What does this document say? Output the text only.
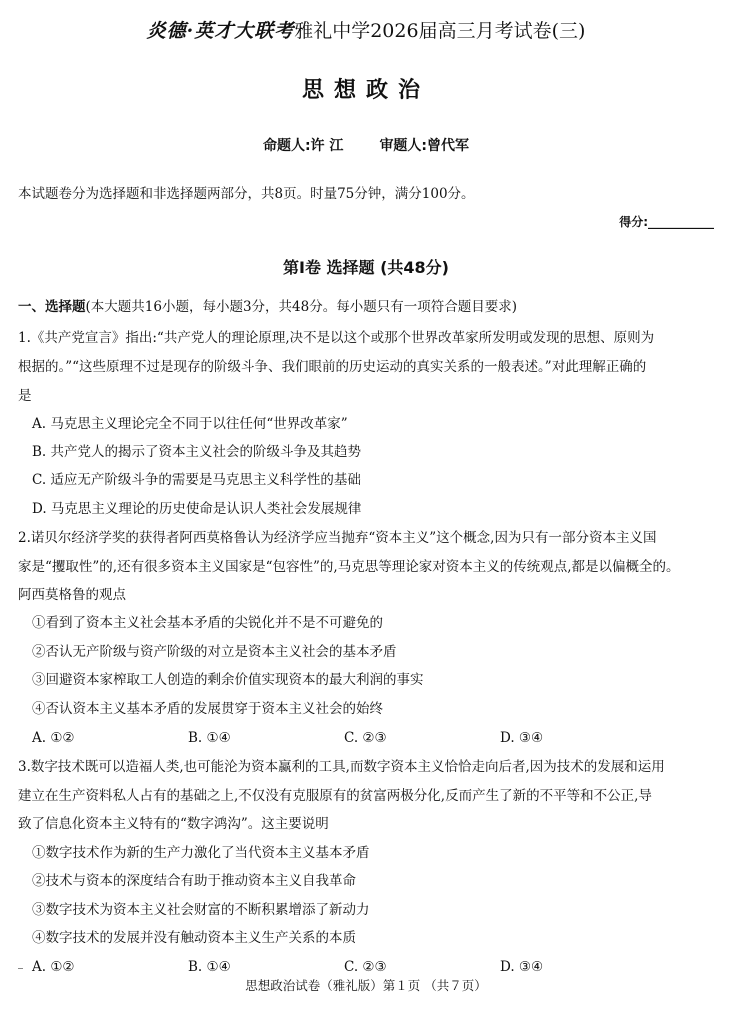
炎德·英才大联考雅礼中学2026届高三月考试卷(三)
思想政治
命题人:许 江	审题人:曾代军
本试题卷分为选择题和非选择题两部分，共8页。时量75分钟，满分100分。
得分:___________
第Ⅰ卷 选择题 (共48分)
一、选择题(本大题共16小题，每小题3分，共48分。每小题只有一项符合题目要求)
1.《共产党宣言》指出:“共产党人的理论原理,决不是以这个或那个世界改革家所发明或发现的思想、原则为
根据的。”“这些原理不过是现存的阶级斗争、我们眼前的历史运动的真实关系的一般表述。”对此理解正确的
是
A. 马克思主义理论完全不同于以往任何“世界改革家”
B. 共产党人的揭示了资本主义社会的阶级斗争及其趋势
C. 适应无产阶级斗争的需要是马克思主义科学性的基础
D. 马克思主义理论的历史使命是认识人类社会发展规律
2.诺贝尔经济学奖的获得者阿西莫格鲁认为经济学应当抛弃“资本主义”这个概念,因为只有一部分资本主义国
家是“攫取性”的,还有很多资本主义国家是“包容性”的,马克思等理论家对资本主义的传统观点,都是以偏概全的。
阿西莫格鲁的观点
①看到了资本主义社会基本矛盾的尖锐化并不是不可避免的
②否认无产阶级与资产阶级的对立是资本主义社会的基本矛盾
③回避资本家榨取工人创造的剩余价值实现资本的最大利润的事实
④否认资本主义基本矛盾的发展贯穿于资本主义社会的始终
A. ①②	B. ①④	C. ②③	D. ③④
3.数字技术既可以造福人类,也可能沦为资本赢利的工具,而数字资本主义恰恰走向后者,因为技术的发展和运用
建立在生产资料私人占有的基础之上,不仅没有克服原有的贫富两极分化,反而产生了新的不平等和不公正,导
致了信息化资本主义特有的“数字鸿沟”。这主要说明
①数字技术作为新的生产力激化了当代资本主义基本矛盾
②技术与资本的深度结合有助于推动资本主义自我革命
③数字技术为资本主义社会财富的不断积累增添了新动力
④数字技术的发展并没有触动资本主义生产关系的本质
A. ①②	B. ①④	C. ②③	D. ③④
思想政治试卷（雅礼版）第１页 （共７页）
